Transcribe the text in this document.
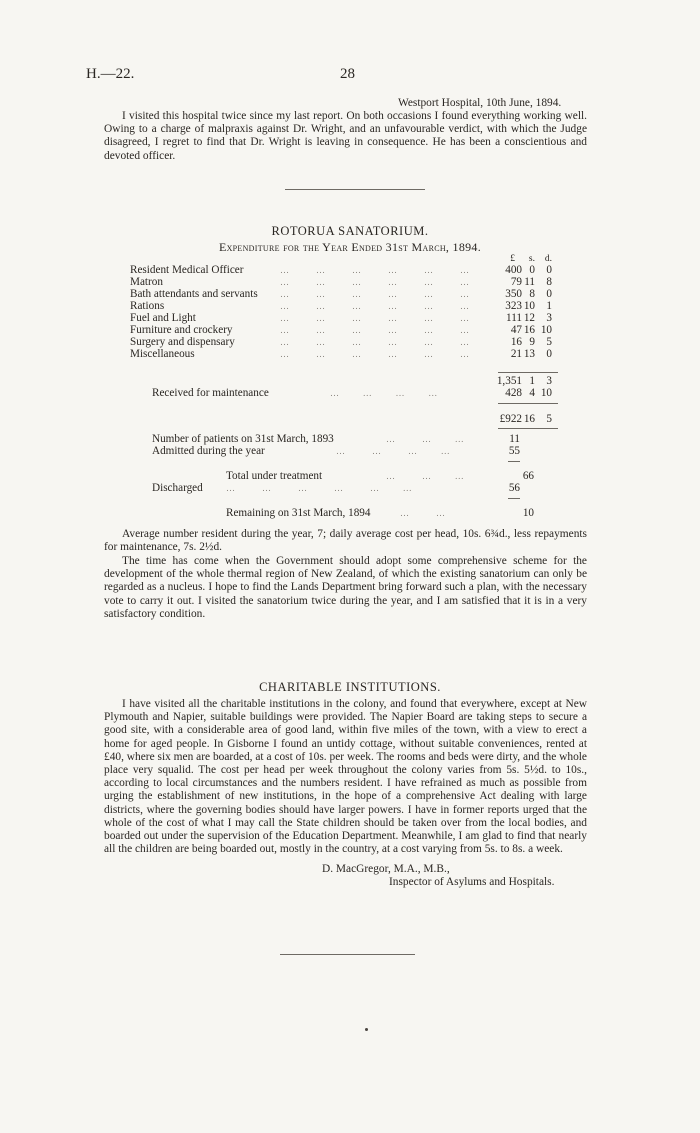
H.—22.	28
Westport Hospital, 10th June, 1894.
I visited this hospital twice since my last report. On both occasions I found everything working well. Owing to a charge of malpraxis against Dr. Wright, and an unfavourable verdict, with which the Judge disagreed, I regret to find that Dr. Wright is leaving in consequence. He has been a conscientious and devoted officer.
ROTORUA SANATORIUM.
Expenditure for the Year Ended 31st March, 1894.
£	s.	d.
Resident Medical Officer	…        …        …        …        …        …	400 0	0
Matron	…        …        …        …        …        …	79 11	8
Bath attendants and servants …        …        …        …        …        …	350 8	0
Rations	…        …        …        …        …        …	323 10	1
Fuel and Light	…        …        …        …        …        …	111 12	3
Furniture and crockery	…        …        …        …        …        …	47 16 10
Surgery and dispensary	…        …        …        …        …        …	16 9	5
Miscellaneous	…        …        …        …        …        …	21 13	0
1,351 1	3
Received for maintenance	…       …       …       …	428 4 10
£922 16	5
Number of patients on 31st March, 1893	…        …       …	11
Admitted during the year	…        …        …       …	55
Total under treatment	…        …       …	66
Discharged	…        …        …        …        …       …	56
Remaining on 31st March, 1894	…        …	10
Average number resident during the year, 7; daily average cost per head, 10s. 6¾d., less repayments for maintenance, 7s. 2½d.
The time has come when the Government should adopt some comprehensive scheme for the development of the whole thermal region of New Zealand, of which the existing sanatorium can only be regarded as a nucleus. I hope to find the Lands Department bring forward such a plan, with the necessary vote to carry it out. I visited the sanatorium twice during the year, and I am satisfied that it is in a very satisfactory condition.
CHARITABLE INSTITUTIONS.
I have visited all the charitable institutions in the colony, and found that everywhere, except at New Plymouth and Napier, suitable buildings were provided. The Napier Board are taking steps to secure a good site, with a considerable area of good land, within five miles of the town, with a view to erect a home for aged people. In Gisborne I found an untidy cottage, without suitable conveniences, rented at £40, where six men are boarded, at a cost of 10s. per week. The rooms and beds were dirty, and the whole place very squalid. The cost per head per week throughout the colony varies from 5s. 5½d. to 10s., according to local circumstances and the numbers resident. I have refrained as much as possible from urging the establishment of new institutions, in the hope of a comprehensive Act dealing with large districts, where the governing bodies should have larger powers. I have in former reports urged that the whole of the cost of what I may call the State children should be taken over from the local bodies, and boarded out under the supervision of the Education Department. Meanwhile, I am glad to find that nearly all the children are being boarded out, mostly in the country, at a cost varying from 5s. to 8s. a week.
D. MacGregor, M.A., M.B.,
Inspector of Asylums and Hospitals.
